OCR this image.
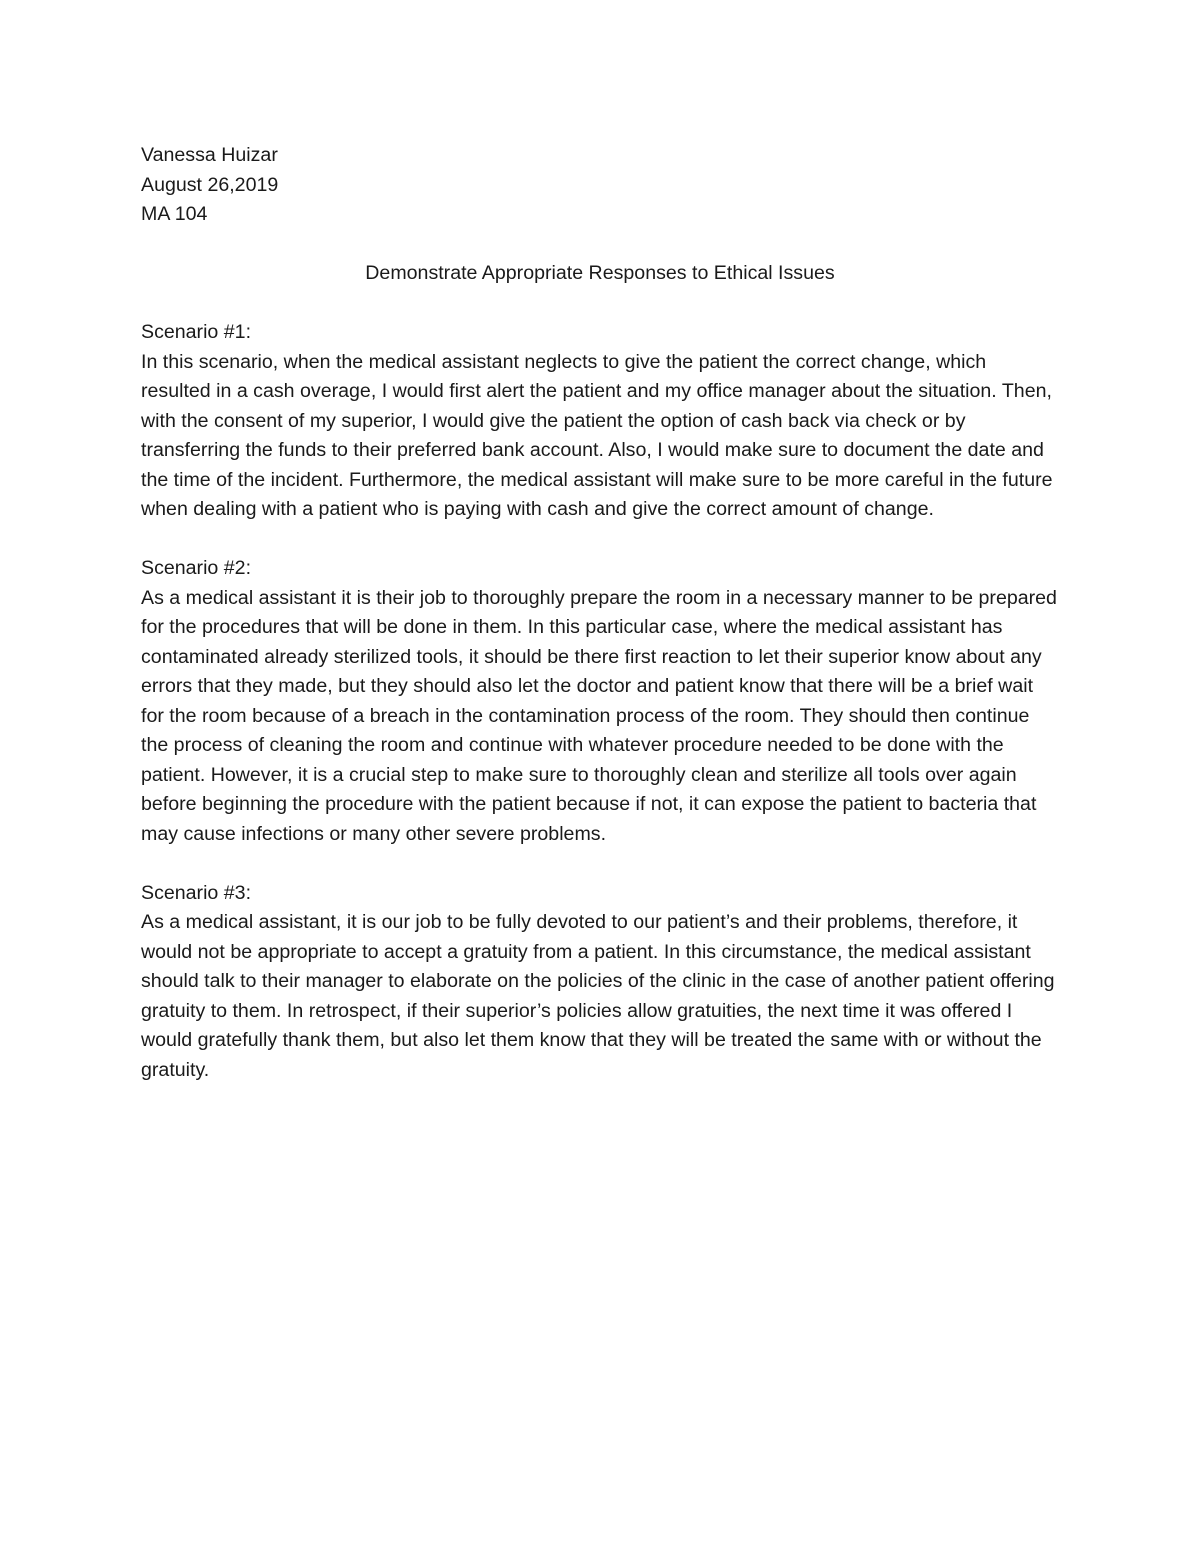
Vanessa Huizar
August 26,2019
MA 104
Demonstrate Appropriate Responses to Ethical Issues
Scenario #1:
In this scenario, when the medical assistant neglects to give the patient the correct change, which resulted in a cash overage, I would first alert the patient and my office manager about the situation. Then, with the consent of my superior, I would give the patient the option of cash back via check or by transferring the funds to their preferred bank account. Also, I would make sure to document the date and the time of the incident. Furthermore, the medical assistant will make sure to be more careful in the future when dealing with a patient who is paying with cash and give the correct amount of change.
Scenario #2:
As a medical assistant it is their job to thoroughly prepare the room in a necessary manner to be prepared for the procedures that will be done in them. In this particular case, where the medical assistant has contaminated already sterilized tools, it should be there first reaction to let their superior know about any errors that they made, but they should also let the doctor and patient know that there will be a brief wait for the room because of a breach in the contamination process of the room. They should then continue the process of cleaning the room and continue with whatever procedure needed to be done with the patient. However, it is a crucial step to make sure to thoroughly clean and sterilize all tools over again before beginning the procedure with the patient because if not, it can expose the patient to bacteria that may cause infections or many other severe problems.
Scenario #3:
As a medical assistant, it is our job to be fully devoted to our patient’s and their problems, therefore, it would not be appropriate to accept a gratuity from a patient. In this circumstance, the medical assistant should talk to their manager to elaborate on the policies of the clinic in the case of another patient offering gratuity to them. In retrospect, if their superior’s policies allow gratuities, the next time it was offered I would gratefully thank them, but also let them know that they will be treated the same with or without the gratuity.
